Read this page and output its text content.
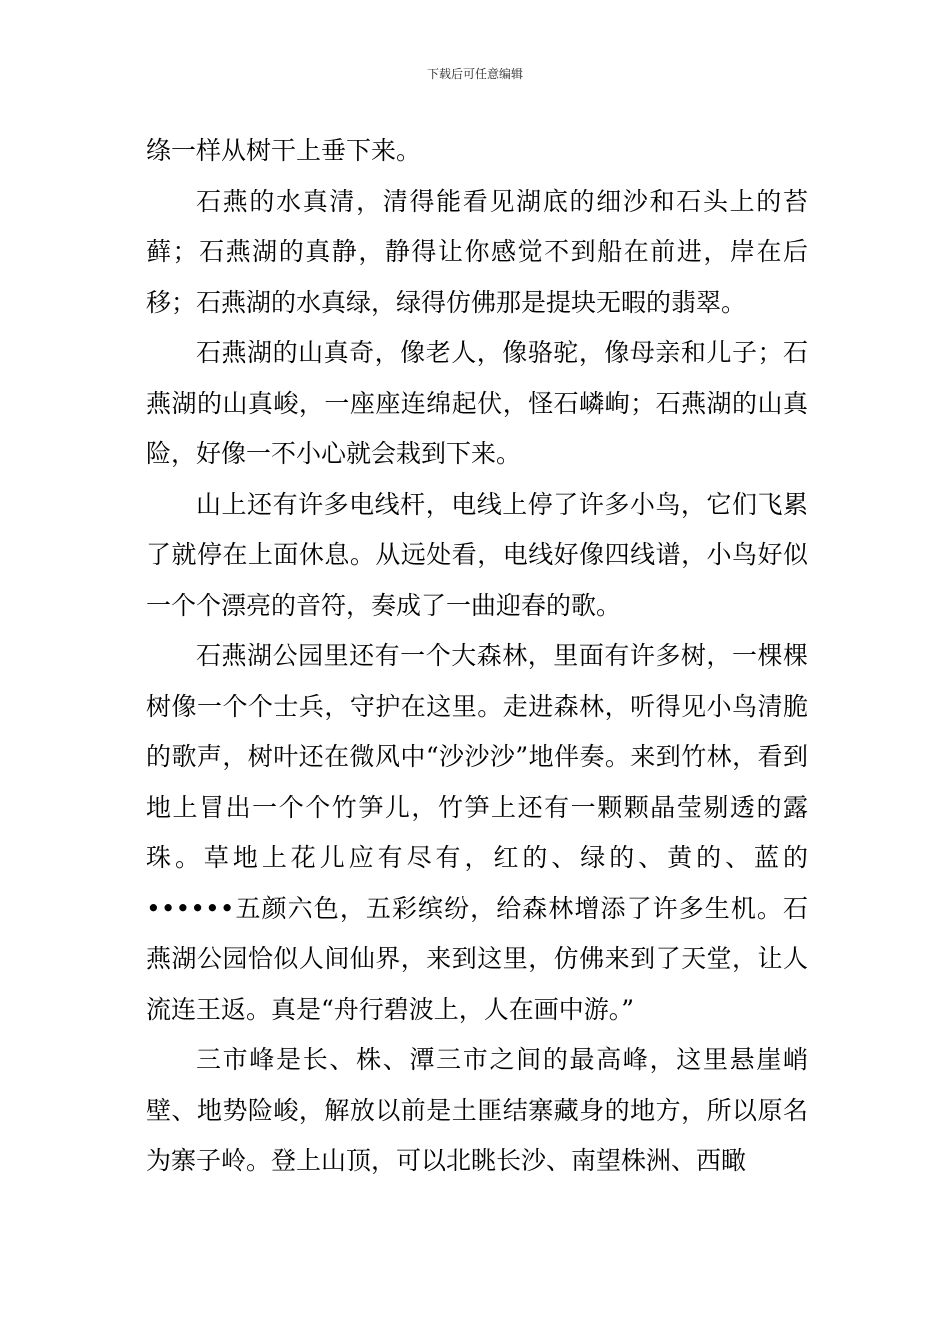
下载后可任意编辑

绦一样从树干上垂下来。

石燕的水真清，清得能看见湖底的细沙和石头上的苔藓；石燕湖的真静，静得让你感觉不到船在前进，岸在后移；石燕湖的水真绿，绿得仿佛那是提块无暇的翡翠。

石燕湖的山真奇，像老人，像骆驼，像母亲和儿子；石燕湖的山真峻，一座座连绵起伏，怪石嶙峋；石燕湖的山真险，好像一不小心就会栽到下来。

山上还有许多电线杆，电线上停了许多小鸟，它们飞累了就停在上面休息。从远处看，电线好像四线谱，小鸟好似一个个漂亮的音符，奏成了一曲迎春的歌。

石燕湖公园里还有一个大森林，里面有许多树，一棵棵树像一个个士兵，守护在这里。走进森林，听得见小鸟清脆的歌声，树叶还在微风中“沙沙沙”地伴奏。来到竹林，看到地上冒出一个个竹笋儿，竹笋上还有一颗颗晶莹剔透的露珠。草地上花儿应有尽有，红的、绿的、黄的、蓝的••••••五颜六色，五彩缤纷，给森林增添了许多生机。石燕湖公园恰似人间仙界，来到这里，仿佛来到了天堂，让人流连王返。真是“舟行碧波上，人在画中游。”

三市峰是长、株、潭三市之间的最高峰，这里悬崖峭壁、地势险峻，解放以前是土匪结寨藏身的地方，所以原名为寨子岭。登上山顶，可以北眺长沙、南望株洲、西瞰
